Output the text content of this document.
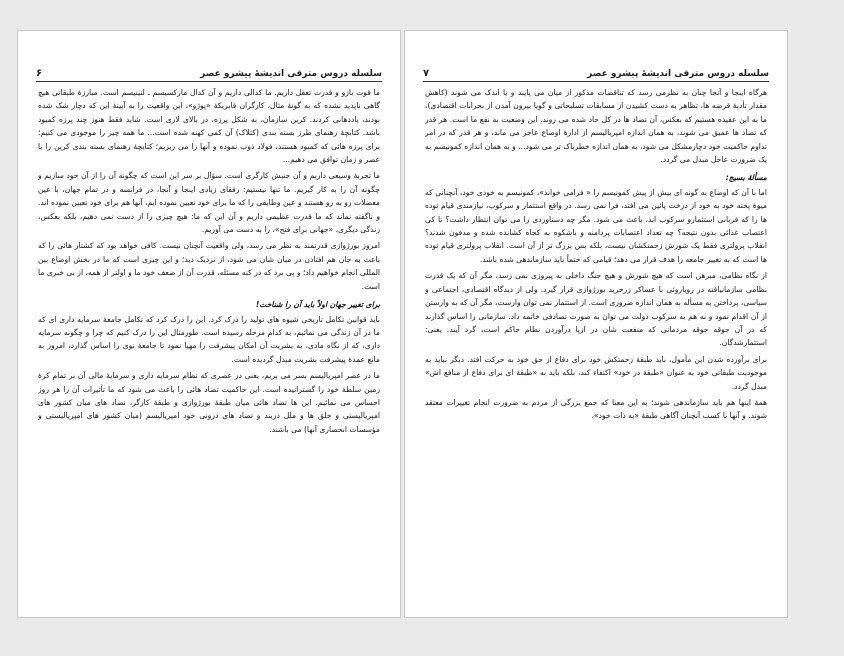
سلسله دروس مترقی اندیشهٔ پیشرو عصر
۶

ما قوت بازو و قدرت تعقل داریم. ما کدالی داریم و آن کدال مارکسیسم ـ لنینیسم است. مبارزهٔ طبقاتی هیچ گاهی ناپدید نشده که به گونهٔ مثال، کارگران فابریکهٔ «پوژو»، این واقعیت را به آیینهٔ این که دچار شک شده بودند، یاددهانی کردند. کرین سازمان، به شکل پرزه، در بالای لاری است. شاید فقط هنوز چند پرزه کمبود باشد. کتابچهٔ رهنمای طرز بسته بندی (کتلاک) آن کمی کهنه شده است... ما همه چیز را موجودی می کنیم؛ برای پرزه هائی که کمبود هستند، فولاد ذوب نموده و آنها را می ریزیم؛ کتابچهٔ رهنمای بسته بندی کرین را با عصر و زمان توافق می دهیم...

ما تجربهٔ وسیعی داریم و آن جنبش کارگری است. سؤال بر سر این است که چگونه آن را از آن خود سازیم و چگونه آن را به کار گیریم. ما تنها نیستیم: رفقای زیادی اینجا و آنجا، در فرانسه و در تمام جهان، با عین معضلات رو به رو هستند و عین وظایفی را که ما برای خود تعیین نموده ایم، آنها هم برای خود تعیین نموده اند. و ناگفته نماند که ما قدرت عظیمی داریم و آن این که ما: هیچ چیزی را از دست نمی دهیم، بلکه بعکس، زندگی دیگری، «جهانی برای فتح»، را به دست می آوریم.

امروز بورژوازی قدرتمند به نظر می رسد، ولی واقعیت آنچنان نیست. کافی خواهد بود که کشتار هائی را که باعث به جان هم افتادن در میان شان می شود، از نزدیک دید؛ و این چیزی است که ما در بخش اوضاع بین المللی انجام خواهیم داد؛ و پی برد که در کنه مسئله، قدرت آن از ضعف خود ما و اولتر از همه، از بی خبری ما است.

برای تغییر جهان اولاً باید آن را شناخت!

باید قوانین تکامل تاریخی شیوه های تولید را درک کرد. این را درک کرد که تکامل جامعهٔ سرمایه داری ای که ما در آن زندگی می نمائیم، به کدام مرحله رسیده است. طورمثال این را درک کنیم که چرا و چگونه سرمایه داری، که از نگاه مادی، به بشریت آن امکان پیشرفت را مهیا نمود تا جامعهٔ نوی را اساس گذارد، امروز به مانع عمدهٔ پیشرفت بشریت مبدل گردیده است.

ما در عصر امپریالیسم بسر می بریم، یعنی در عصری که نظام سرمایه داری و سرمایهٔ مالی آن بر تمام کرهٔ زمین سلطهٔ خود را گسترانیده است. این حاکمیت تضاد هائی را باعث می شود که ما تأثیرات آن را هر روز احساس می نمائیم. این ها تضاد هائی میان طبقهٔ بورژوازی و طبقهٔ کارگر، تضاد های میان کشور های امپریالیستی و خلق ها و ملل دربند و تضاد های درونی خود امپریالیسم (میان کشور های امپریالیستی و مؤسسات انحصاری آنها) می باشند.

سلسله دروس مترقی اندیشهٔ پیشرو عصر
۷

هرگاه اینجا و آنجا چنان به نظرمی رسد که تناقضات مذکور از میان می پایند و یا اندک می شوند (کاهش مقدار تأدیهٔ قرضه ها، تظاهر به دست کشیدن از مسابقات تسلیحاتی و گویا بیرون آمدن از بحرانات اقتصادی)، ما به این عقیده هستیم که بعکس، آن تضاد ها در کل حاد شده می روند. این وضعیت به نفع ما است. هر قدر که تضاد ها عمیق می شوند، به همان اندازه امپریالیسم از ادارهٔ اوضاع عاجز می ماند، و هر قدر که در امر تداوم حاکمیت خود دچارمشکل می شود، به همان اندازه خطرناک تر می شود... و به همان اندازه کمونیسم به یک ضرورت عاجل مبدل می گردد.

مسألهٔ بسیج:

اما با آن که اوضاع به گونه ای بیش از پیش کمونیسم را « فرامی خواند»، کمونیسم به خودی خود، آنچنانی که میوهٔ پخته خود به خود از درخت پائین می افتد، فرا نمی رسد. در واقع استثمار و سرکوب، نیازمندی قیام توده ها را که قربانی استثمارو سرکوب اند، باعث می شود. مگر چه دستاوردی را می توان انتظار داشت؟ تا کی اعتصاب غذائی بدون نتیجه؟ چه تعداد اعتصابات پردامنه و باشکوه به کجاه کشانده شده و مدفون شدند؟ انقلاب پرولتری فقط یک شورش زحمتکشان نیست، بلکه بس بزرگ تر از آن است. انقلاب پرولتری قیام توده ها است که به تغییر جامعه را هدف قرار می دهد؛ قیامی که حتماً باید سازماندهی شده باشد.

از نگاه نظامی، مبرهن است که هیچ شورش و هیچ جنگ داخلی به پیروزی نمی رسد، مگر آن که یک قدرت نظامی سازمانیافته در رویاروئی با عساکر زرخرید بورژوازی قرار گیرد. ولی از دیدگاه اقتصادی، اجتماعی و سیاسی، پرداختن به مسأله به همان اندازه ضروری است. از استثمار نمی توان وارست، مگر آن که به وارستن از آن اقدام نمود و نه هم به سرکوب دولت می توان به صورت تصادفی خاتمه داد. سازمانی را اساس گذارند که در آن جوقه جوقه مردمانی که منفعت شان در ازپا درآوردن نظام حاکم است، گرد آیند. یعنی: استثمارشدگان.

برای برآورده شدن این مأمول، باید طبقهٔ زحمتکش خود برای دفاع از حق خود به حرکت افتد. دیگر نباید به موجودیت طبقاتی خود به عنوان «طبقهٔ در خود» اکتفاء کند، بلکه باید به «طبقهٔ ای برای دفاع از منافع اش» مبدل گردد.

همهٔ اینها هم باید سازماندهی شوند؛ به این معنا که جمع بزرگی از مردم به ضرورت انجام تغییرات معتقد شوند. و آنها با کسب آنچنان آگاهی طبقهٔ «به ذات خود»،
